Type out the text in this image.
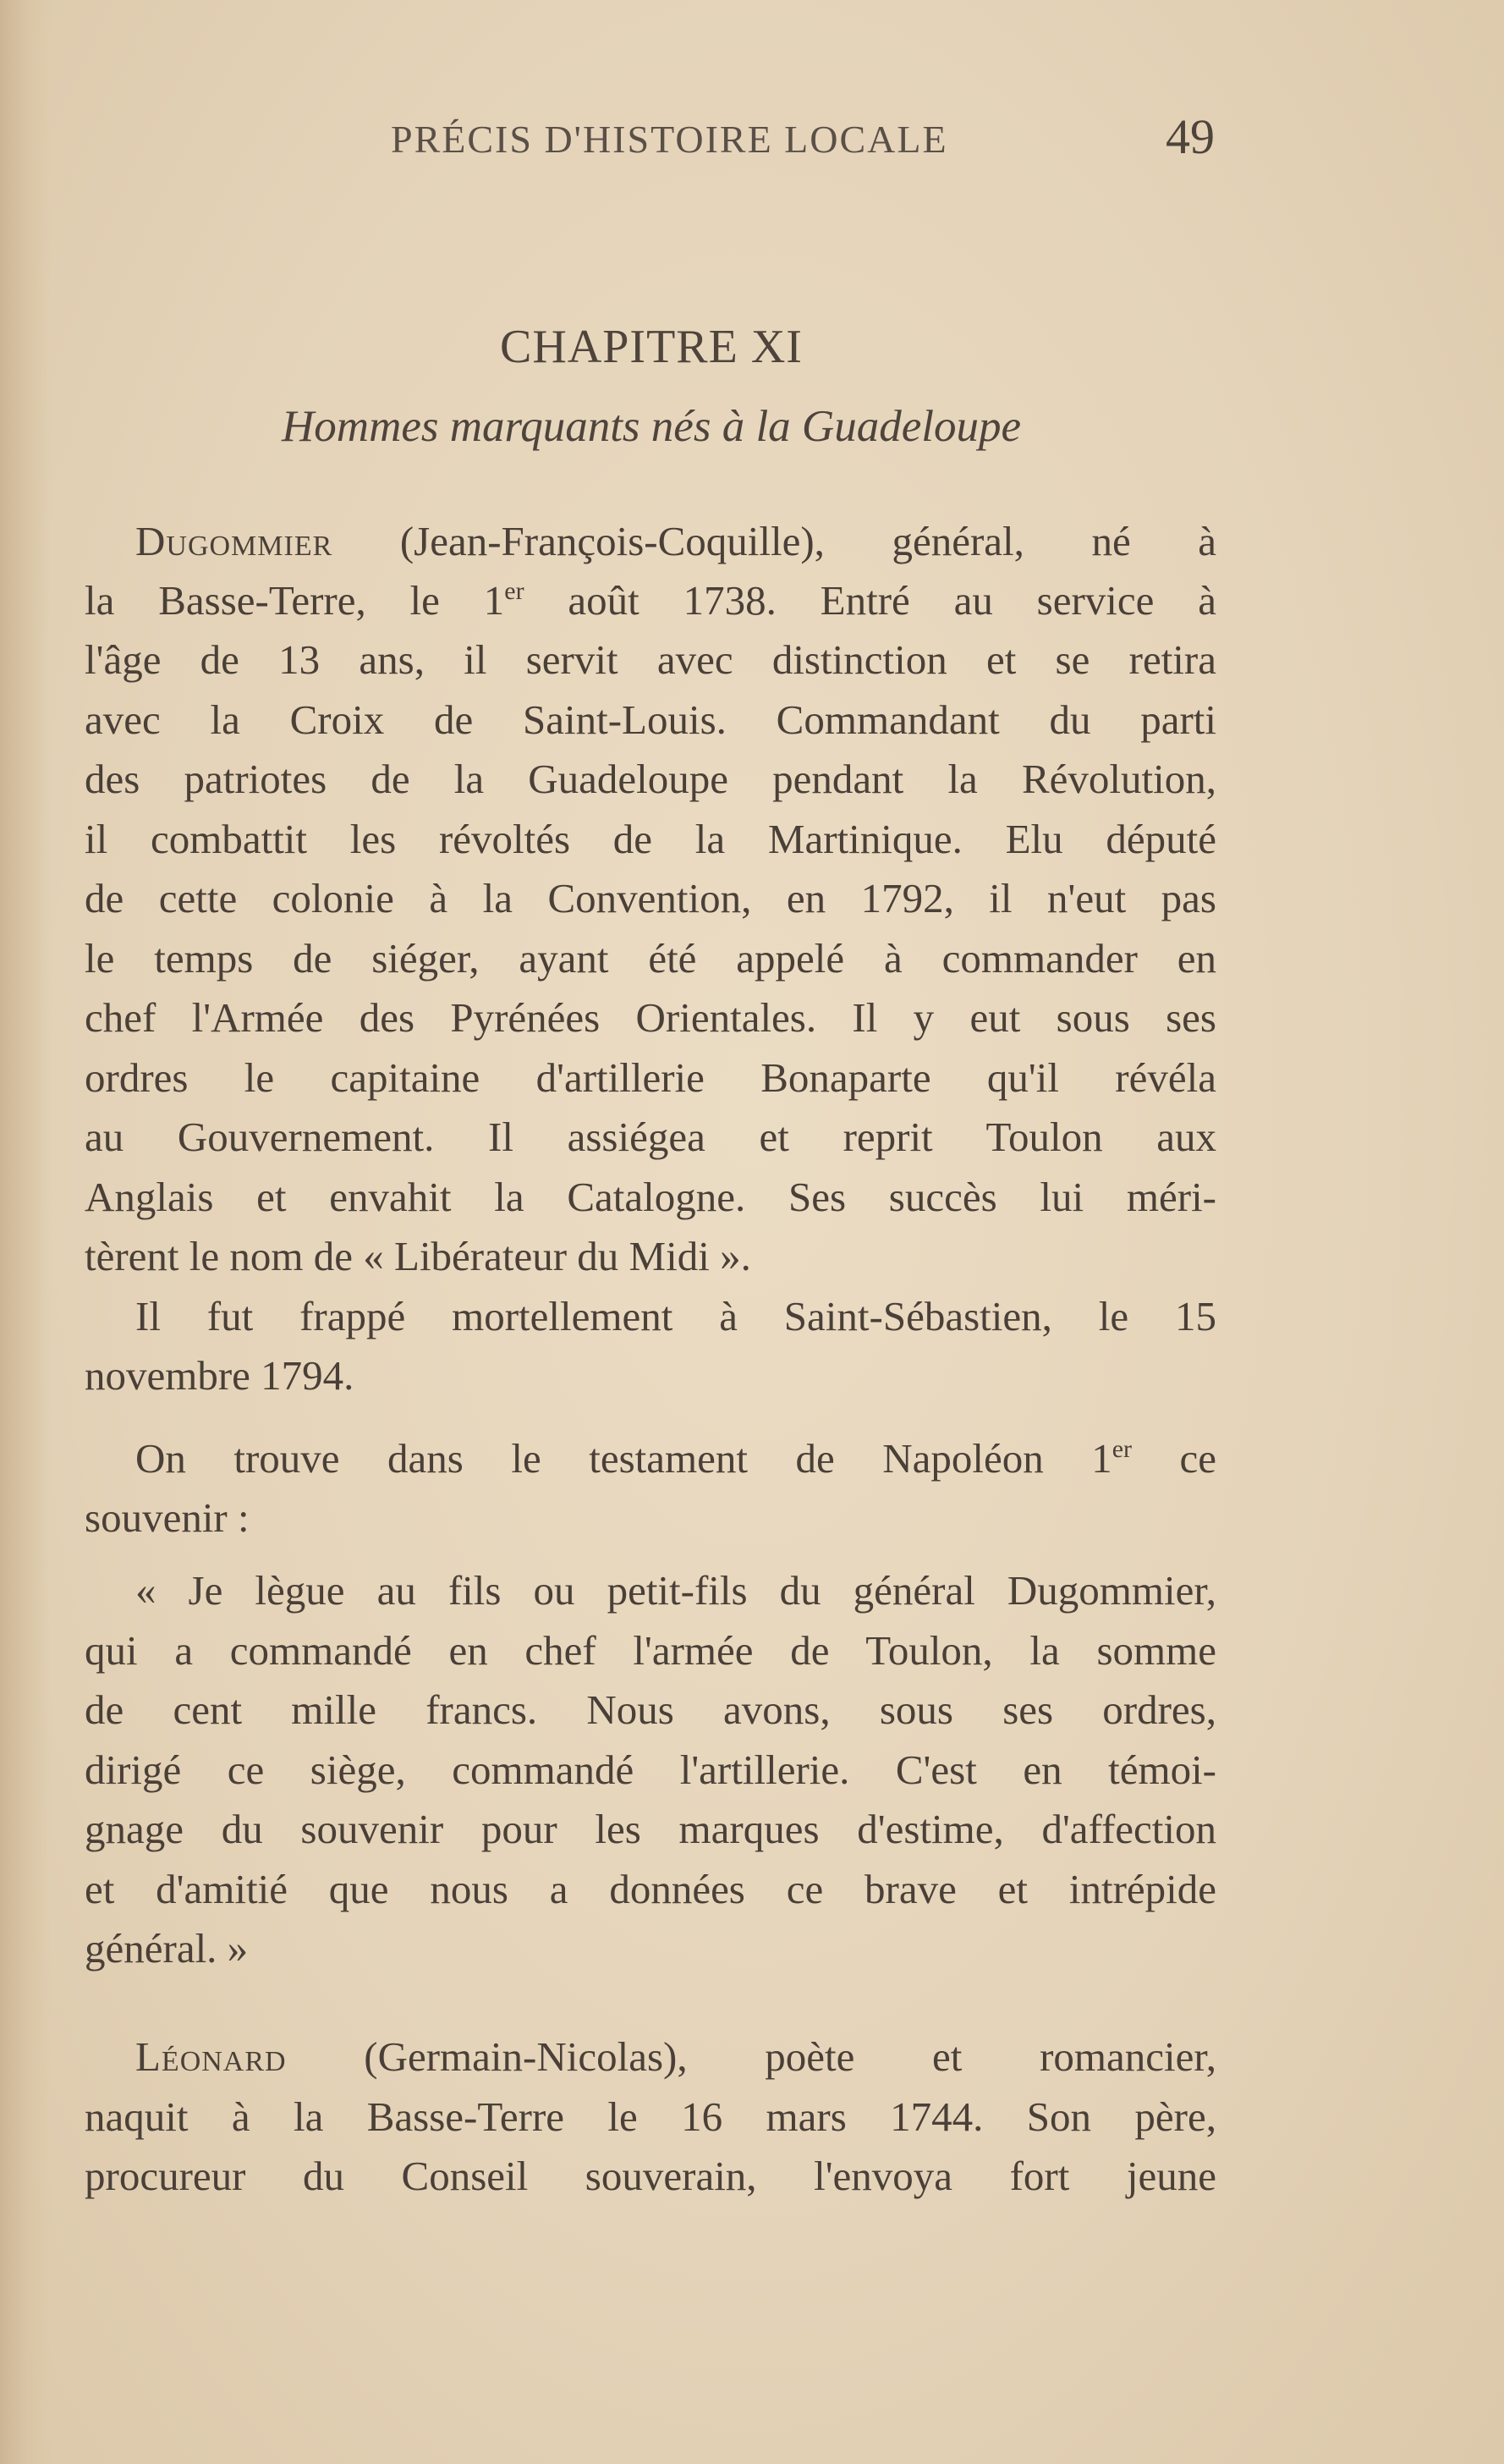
PRÉCIS D'HISTOIRE LOCALE	49
CHAPITRE XI
Hommes marquants nés à la Guadeloupe
Dugommier (Jean-François-Coquille), général, né à
la Basse-Terre, le 1er août 1738. Entré au service à
l'âge de 13 ans, il servit avec distinction et se retira
avec la Croix de Saint-Louis. Commandant du parti
des patriotes de la Guadeloupe pendant la Révolution,
il combattit les révoltés de la Martinique. Elu député
de cette colonie à la Convention, en 1792, il n'eut pas
le temps de siéger, ayant été appelé à commander en
chef l'Armée des Pyrénées Orientales. Il y eut sous ses
ordres le capitaine d'artillerie Bonaparte qu'il révéla
au Gouvernement. Il assiégea et reprit Toulon aux
Anglais et envahit la Catalogne. Ses succès lui méri-
tèrent le nom de « Libérateur du Midi ».
Il fut frappé mortellement à Saint-Sébastien, le 15
novembre 1794.
On trouve dans le testament de Napoléon 1er ce
souvenir :
« Je lègue au fils ou petit-fils du général Dugommier,
qui a commandé en chef l'armée de Toulon, la somme
de cent mille francs. Nous avons, sous ses ordres,
dirigé ce siège, commandé l'artillerie. C'est en témoi-
gnage du souvenir pour les marques d'estime, d'affection
et d'amitié que nous a données ce brave et intrépide
général. »
Léonard (Germain-Nicolas), poète et romancier,
naquit à la Basse-Terre le 16 mars 1744. Son père,
procureur du Conseil souverain, l'envoya fort jeune
